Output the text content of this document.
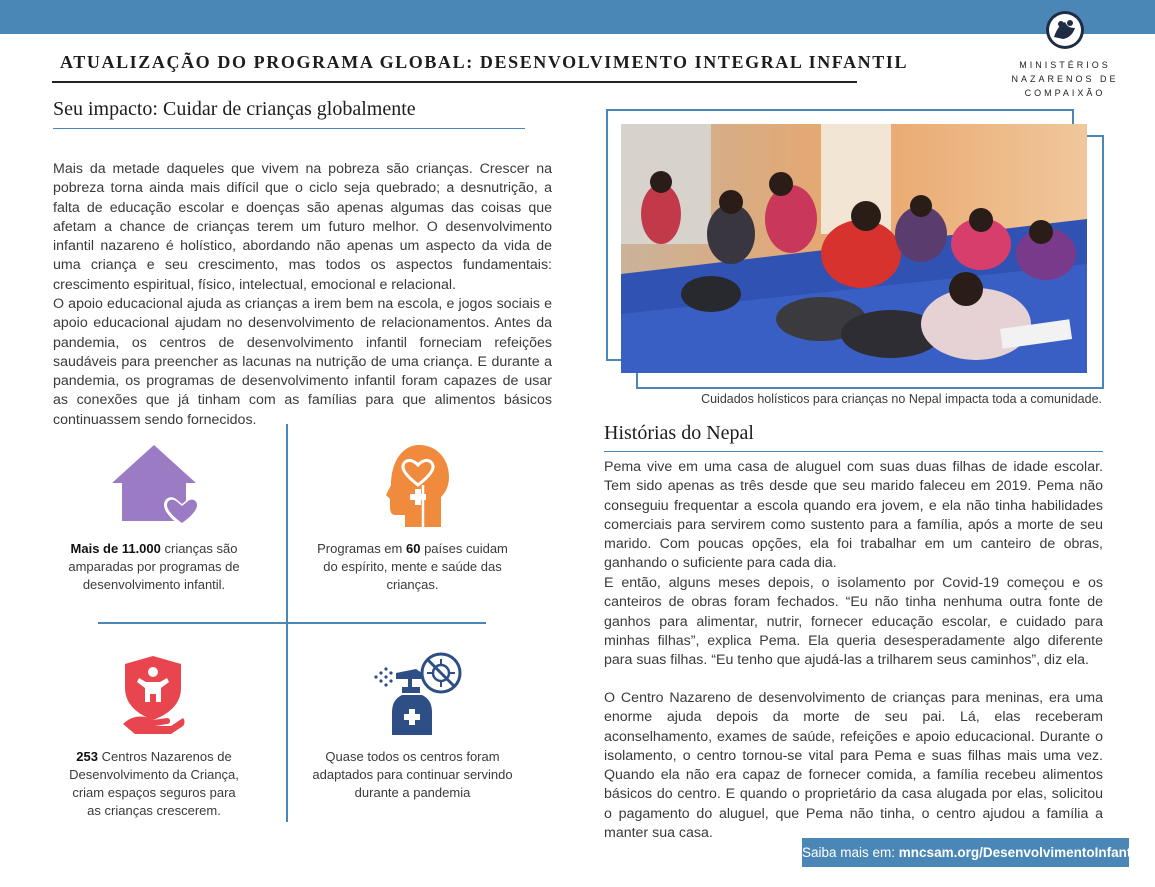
ATUALIZAÇÃO DO PROGRAMA GLOBAL: DESENVOLVIMENTO INTEGRAL INFANTIL	MINISTÉRIOS
NAZARENOS DE
COMPAIXÃO
Seu impacto: Cuidar de crianças globalmente

Mais da metade daqueles que vivem na pobreza são crianças. Crescer na pobreza torna ainda mais difícil que o ciclo seja quebrado; a desnutrição, a falta de educação escolar e doenças são apenas algumas das coisas que afetam a chance de crianças terem um futuro melhor. O desenvolvimento infantil nazareno é holístico, abordando não apenas um aspecto da vida de uma criança e seu crescimento, mas todos os aspectos fundamentais: crescimento espiritual, físico, intelectual, emocional e relacional.

O apoio educacional ajuda as crianças a irem bem na escola, e jogos sociais e apoio educacional ajudam no desenvolvimento de relacionamentos. Antes da pandemia, os centros de desenvolvimento infantil forneciam refeições saudáveis para preencher as lacunas na nutrição de uma criança. E durante a pandemia, os programas de desenvolvimento infantil foram capazes de usar as conexões que já tinham com as famílias para que alimentos básicos continuassem sendo fornecidos.

Mais de 11.000 crianças são amparadas por programas de desenvolvimento infantil.
Programas em 60 países cuidam do espírito, mente e saúde das crianças.
253 Centros Nazarenos de Desenvolvimento da Criança, criam espaços seguros para as crianças crescerem.
Quase todos os centros foram adaptados para continuar servindo durante a pandemia
Cuidados holísticos para crianças no Nepal impacta toda a comunidade.
Histórias do Nepal

Pema vive em uma casa de aluguel com suas duas filhas de idade escolar. Tem sido apenas as três desde que seu marido faleceu em 2019. Pema não conseguiu frequentar a escola quando era jovem, e ela não tinha habilidades comerciais para servirem como sustento para a família, após a morte de seu marido. Com poucas opções, ela foi trabalhar em um canteiro de obras, ganhando o suficiente para cada dia.

E então, alguns meses depois, o isolamento por Covid-19 começou e os canteiros de obras foram fechados. “Eu não tinha nenhuma outra fonte de ganhos para alimentar, nutrir, fornecer educação escolar, e cuidado para minhas filhas”, explica Pema. Ela queria desesperadamente algo diferente para suas filhas. “Eu tenho que ajudá-las a trilharem seus caminhos”, diz ela.

O Centro Nazareno de desenvolvimento de crianças para meninas, era uma enorme ajuda depois da morte de seu pai. Lá, elas receberam aconselhamento, exames de saúde, refeições e apoio educacional. Durante o isolamento, o centro tornou-se vital para Pema e suas filhas mais uma vez. Quando ela não era capaz de fornecer comida, a família recebeu alimentos básicos do centro. E quando o proprietário da casa alugada por elas, solicitou o pagamento do aluguel, que Pema não tinha, o centro ajudou a família a manter sua casa.

Saiba mais em: mncsam.org/DesenvolvimentoInfantil
